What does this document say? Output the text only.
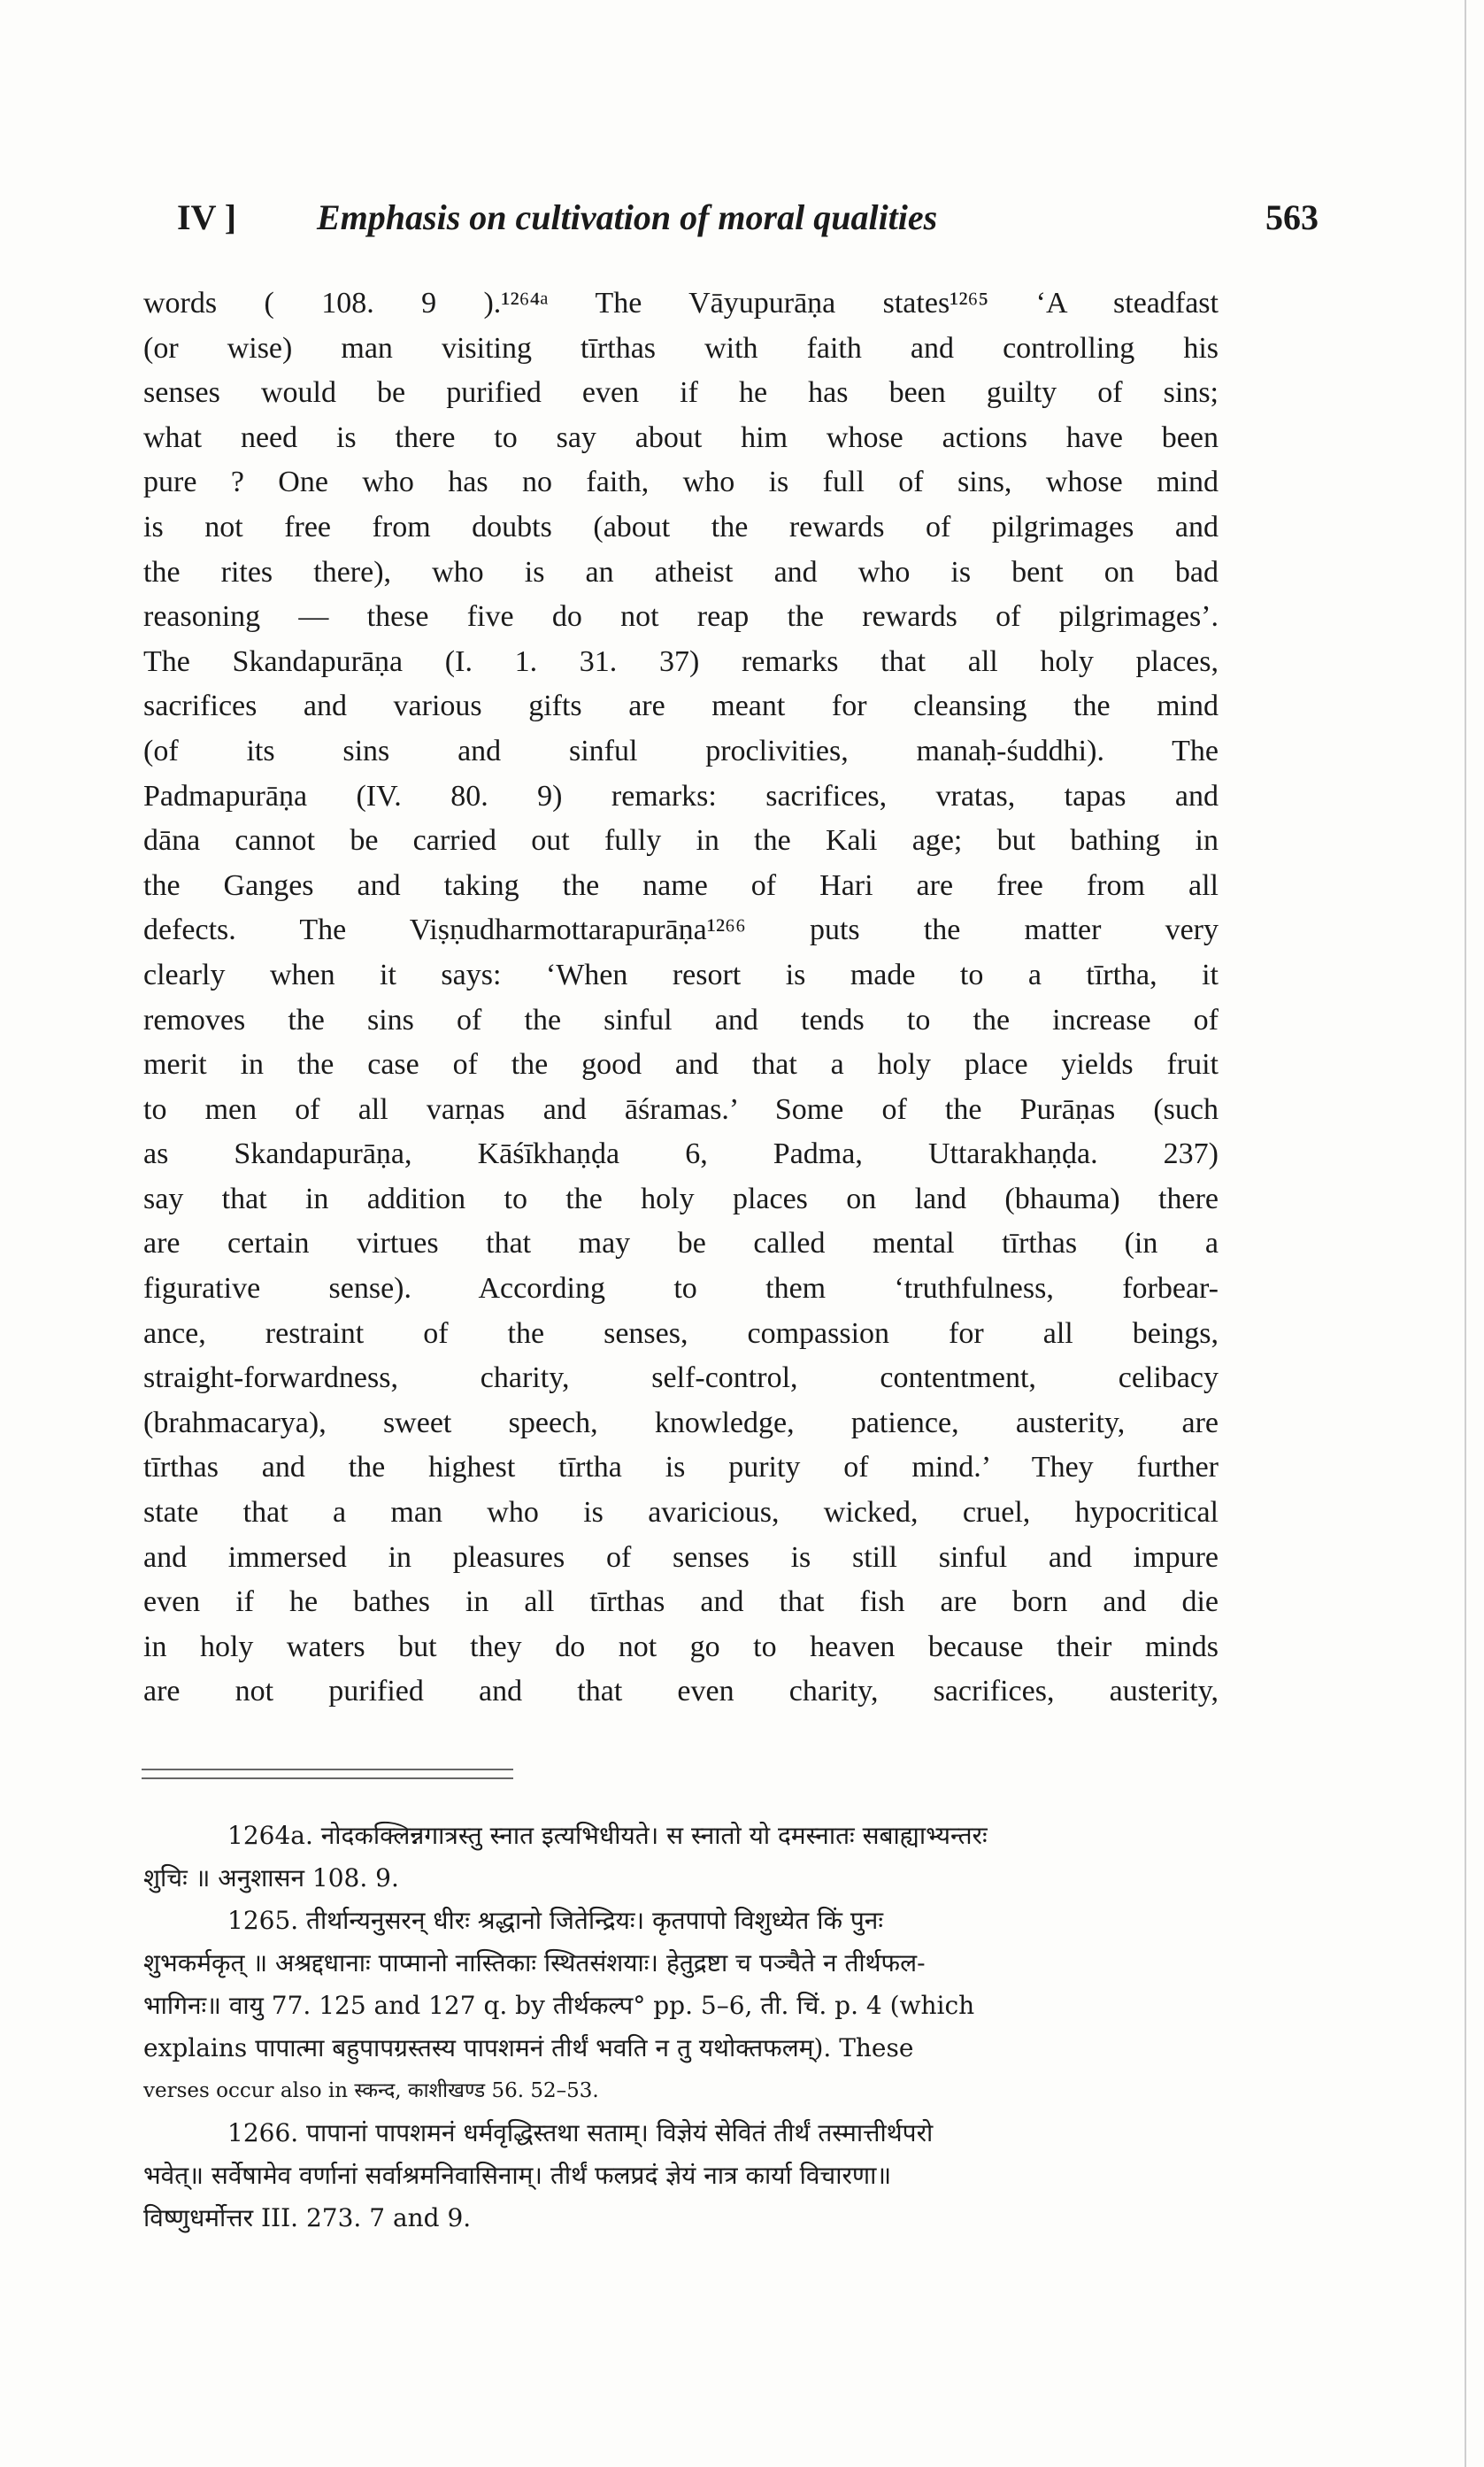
IV ] Emphasis on cultivation of moral qualities	563
words ( 108. 9 ).¹²⁶⁴ᵃ The Vāyupurāṇa states¹²⁶⁵ ‘A steadfast
(or wise) man visiting tīrthas with faith and controlling his
senses would be purified even if he has been guilty of sins;
what need is there to say about him whose actions have been
pure ? One who has no faith, who is full of sins, whose mind
is not free from doubts (about the rewards of pilgrimages and
the rites there), who is an atheist and who is bent on bad
reasoning — these five do not reap the rewards of pilgrimages’.
The Skandapurāṇa (I. 1. 31. 37) remarks that all holy places,
sacrifices and various gifts are meant for cleansing the mind
(of its sins and sinful proclivities, manaḥ-śuddhi). The
Padmapurāṇa (IV. 80. 9) remarks: sacrifices, vratas, tapas and
dāna cannot be carried out fully in the Kali age; but bathing in
the Ganges and taking the name of Hari are free from all
defects. The Viṣṇudharmottarapurāṇa¹²⁶⁶ puts the matter very
clearly when it says: ‘When resort is made to a tīrtha, it
removes the sins of the sinful and tends to the increase of
merit in the case of the good and that a holy place yields fruit
to men of all varṇas and āśramas.’ Some of the Purāṇas (such
as Skandapurāṇa, Kāśīkhaṇḍa 6, Padma, Uttarakhaṇḍa. 237)
say that in addition to the holy places on land (bhauma) there
are certain virtues that may be called mental tīrthas (in a
figurative sense). According to them ‘truthfulness, forbear-
ance, restraint of the senses, compassion for all beings,
straight-forwardness, charity, self-control, contentment, celibacy
(brahmacarya), sweet speech, knowledge, patience, austerity, are
tīrthas and the highest tīrtha is purity of mind.’ They further
state that a man who is avaricious, wicked, cruel, hypocritical
and immersed in pleasures of senses is still sinful and impure
even if he bathes in all tīrthas and that fish are born and die
in holy waters but they do not go to heaven because their minds
are not purified and that even charity, sacrifices, austerity,
1264a. नोदकक्लिन्नगात्रस्तु स्नात इत्यभिधीयते। स स्नातो यो दमस्नातः सबाह्याभ्यन्तरः
शुचिः ॥ अनुशासन 108. 9.
1265. तीर्थान्यनुसरन् धीरः श्रद्धानो जितेन्द्रियः। कृतपापो विशुध्येत किं पुनः
शुभकर्मकृत् ॥ अश्रद्दधानाः पाप्मानो नास्तिकाः स्थितसंशयाः। हेतुद्रष्टा च पञ्चैते न तीर्थफल-
भागिनः॥ वायु 77. 125 and 127 q. by तीर्थकल्प° pp. 5–6, ती. चिं. p. 4 (which
explains पापात्मा बहुपापग्रस्तस्य पापशमनं तीर्थं भवति न तु यथोक्तफलम्). These
verses occur also in स्कन्द, काशीखण्ड 56. 52–53.
1266. पापानां पापशमनं धर्मवृद्धिस्तथा सताम्। विज्ञेयं सेवितं तीर्थं तस्मात्तीर्थपरो
भवेत्॥ सर्वेषामेव वर्णानां सर्वाश्रमनिवासिनाम्। तीर्थं फलप्रदं ज्ञेयं नात्र कार्या विचारणा॥
विष्णुधर्मोत्तर III. 273. 7 and 9.
